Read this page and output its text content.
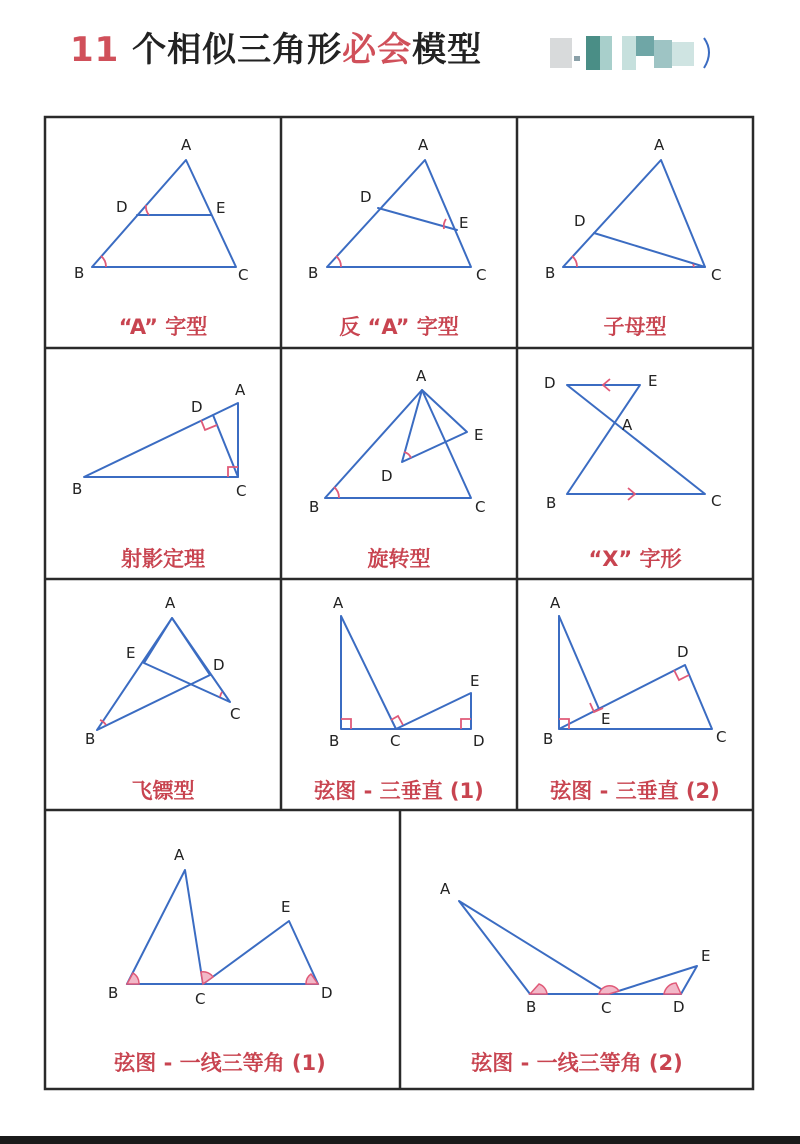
11 个相似三角形必会模型
A
D	E
B	C
“A” 字型
A
D
E
B	C
反 “A” 字型
A
D
B	C
子母型
A
D
B	C
射影定理
A
E
D
B	C
旋转型
D	E
A
B	C
“X” 字形
A
E
D
B
C
飞镖型
A
E
B	C	D
弦图 - 三垂直 (1)
A
D
E
B	C
弦图 - 三垂直 (2)
A
E
B	C	D
弦图 - 一线三等角 (1)
A
E
B	C	D
弦图 - 一线三等角 (2)
